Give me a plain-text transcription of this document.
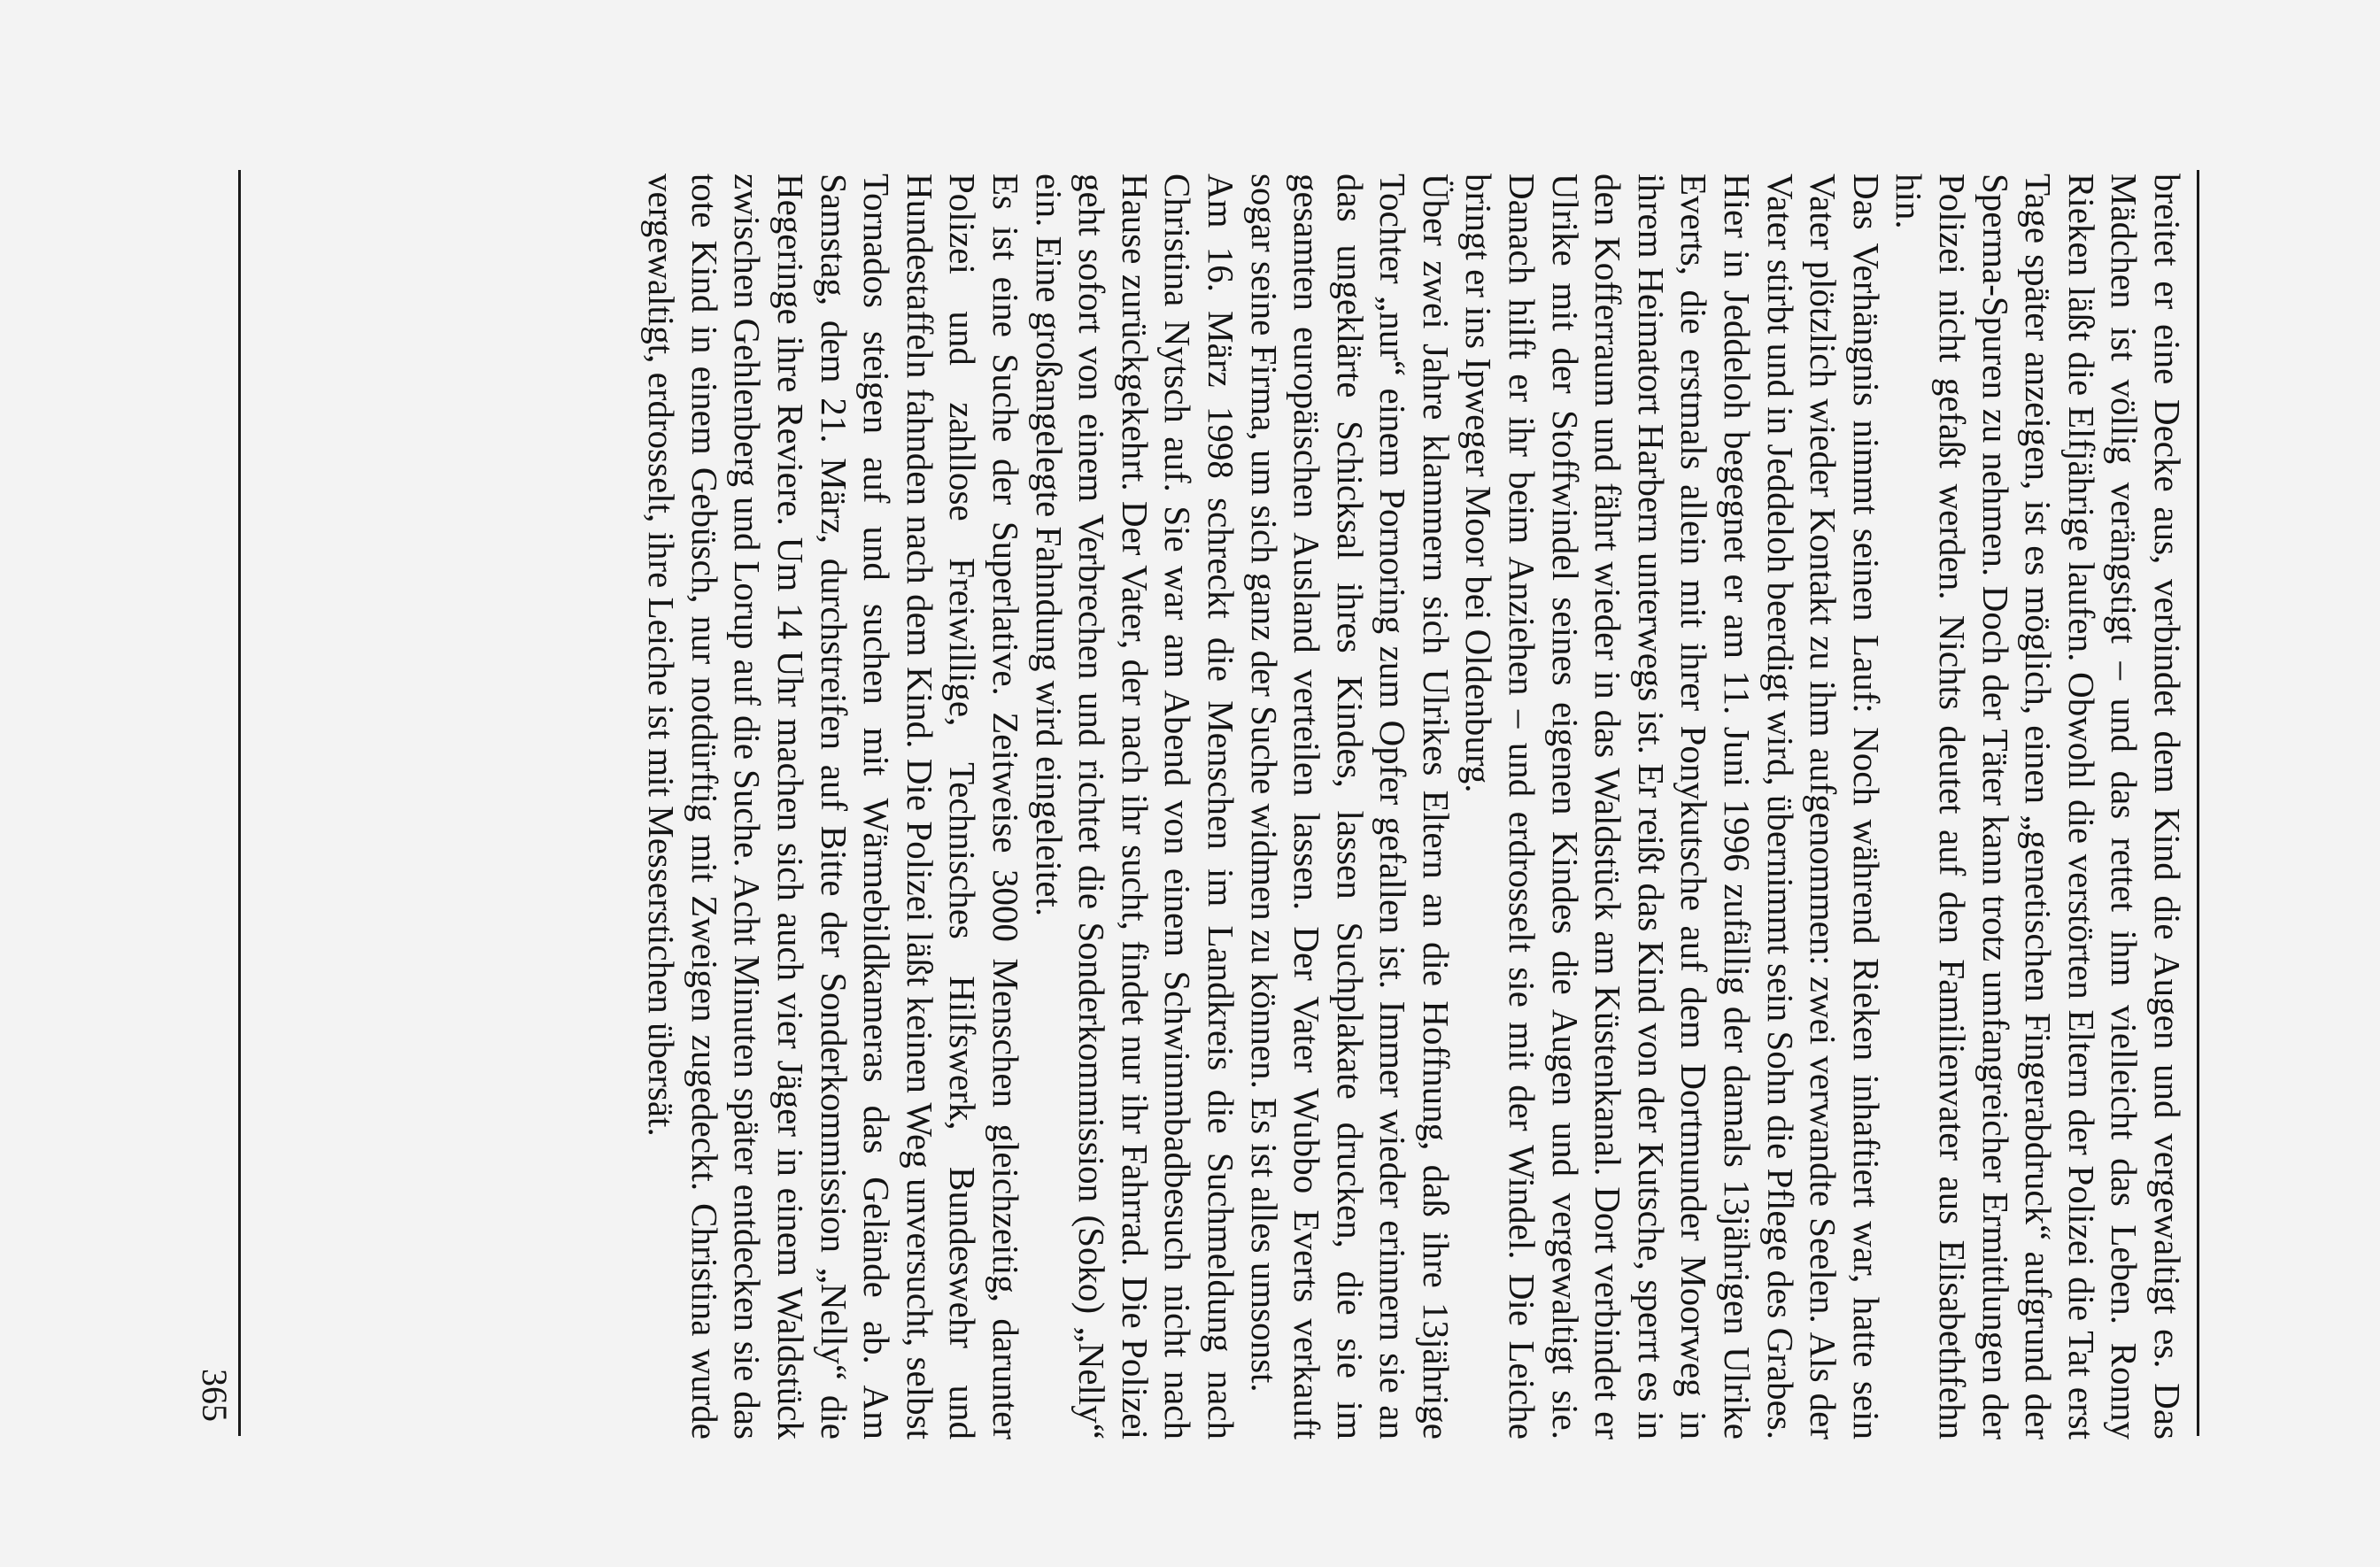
breitet er eine Decke aus, verbindet dem Kind die Augen und vergewaltigt es. Das Mädchen ist völlig verängstigt – und das rettet ihm vielleicht das Leben. Ronny Rieken läßt die Elfjährige laufen. Obwohl die verstörten Eltern der Polizei die Tat erst Tage später anzeigen, ist es möglich, einen „genetischen Fingerabdruck“ aufgrund der Sperma-Spuren zu nehmen. Doch der Täter kann trotz umfangreicher Ermittlungen der Polizei nicht gefaßt werden. Nichts deutet auf den Familienvater aus Elisabethfehn hin.

Das Verhängnis nimmt seinen Lauf: Noch während Rieken inhaftiert war, hatte sein Vater plötzlich wieder Kontakt zu ihm aufgenommen: zwei verwandte Seelen. Als der Vater stirbt und in Jeddeloh beerdigt wird, übernimmt sein Sohn die Pflege des Grabes. Hier in Jeddeloh begegnet er am 11. Juni 1996 zufällig der damals 13jährigen Ulrike Everts, die erstmals allein mit ihrer Ponykutsche auf dem Dortmunder Moorweg in ihrem Heimatort Harbern unterwegs ist. Er reißt das Kind von der Kutsche, sperrt es in den Kofferraum und fährt wieder in das Waldstück am Küstenkanal. Dort verbindet er Ulrike mit der Stoffwindel seines eigenen Kindes die Augen und vergewaltigt sie. Danach hilft er ihr beim Anziehen – und erdrosselt sie mit der Windel. Die Leiche bringt er ins Ipweger Moor bei Oldenburg.

Über zwei Jahre klammern sich Ulrikes Eltern an die Hoffnung, daß ihre 13jährige Tochter „nur“ einem Pornoring zum Opfer gefallen ist. Immer wieder erinnern sie an das ungeklärte Schicksal ihres Kindes, lassen Suchplakate drucken, die sie im gesamten europäischen Ausland verteilen lassen. Der Vater Wubbo Everts verkauft sogar seine Firma, um sich ganz der Suche widmen zu können. Es ist alles umsonst.

Am 16. März 1998 schreckt die Menschen im Landkreis die Suchmeldung nach Christina Nytsch auf. Sie war am Abend von einem Schwimmbadbesuch nicht nach Hause zurückgekehrt. Der Vater, der nach ihr sucht, findet nur ihr Fahrrad. Die Polizei geht sofort von einem Verbrechen und richtet die Sonderkommission (Soko) „Nelly“ ein. Eine großangelegte Fahndung wird eingeleitet.

Es ist eine Suche der Superlative. Zeitweise 3000 Menschen gleichzeitig, darunter Polizei und zahllose Freiwillige, Technisches Hilfswerk, Bundeswehr und Hundestaffeln fahnden nach dem Kind. Die Polizei läßt keinen Weg unversucht, selbst Tornados steigen auf und suchen mit Wärmebildkameras das Gelände ab. Am Samstag, dem 21. März, durchstreifen auf Bitte der Sonderkommission „Nelly“ die Hegeringe ihre Reviere. Um 14 Uhr machen sich auch vier Jäger in einem Waldstück zwischen Gehlenberg und Lorup auf die Suche. Acht Minuten später entdecken sie das tote Kind in einem Gebüsch, nur notdürftig mit Zweigen zugedeckt. Christina wurde vergewaltigt, erdrosselt, ihre Leiche ist mit Messerstichen übersät.

365
